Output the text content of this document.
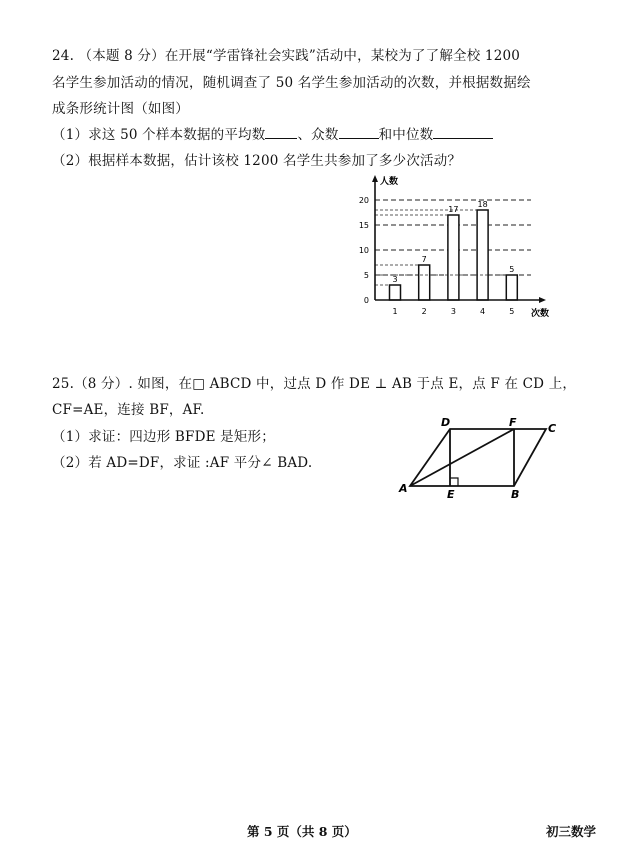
24. （本题 8 分）在开展“学雷锋社会实践”活动中，某校为了了解全校 1200
名学生参加活动的情况，随机调查了 50 名学生参加活动的次数，并根据数据绘
成条形统计图（如图）
（1）求这 50 个样本数据的平均数 、众数	和中位数
（2）根据样本数据，估计该校 1200 名学生共参加了多少次活动？
3
7
17
18
5
0
5
10
15
20
1	2	3	4	5
人数
次数
25.（8 分）. 如图，在□ ABCD 中，过点 D 作 DE ⊥ AB 于点 E，点 F 在 CD 上，
CF=AE，连接 BF，AF.
（1）求证：四边形 BFDE 是矩形；
（2）若 AD=DF，求证 :AF 平分∠ BAD.
A	B
C
D
E
F
第 5 页（共 8 页）	初三数学
